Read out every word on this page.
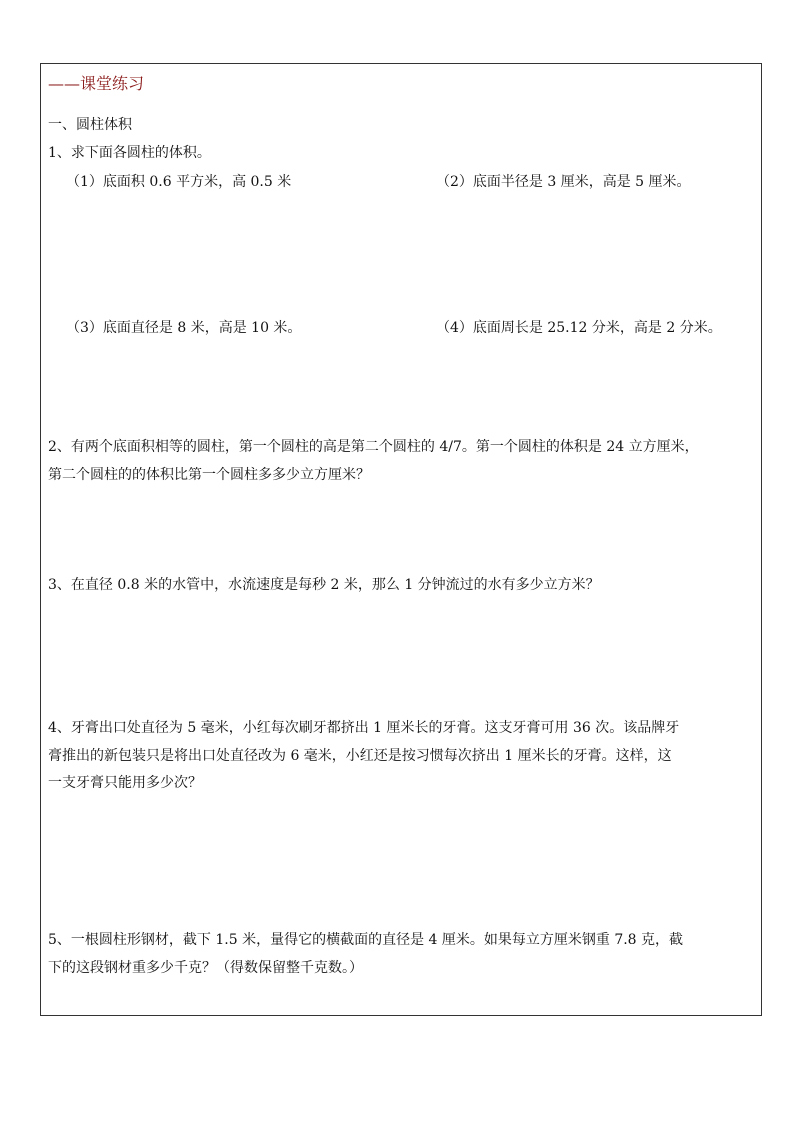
——课堂练习
一、圆柱体积
1、求下面各圆柱的体积。
（1）底面积 0.6 平方米，高 0.5 米	（2）底面半径是 3 厘米，高是 5 厘米。
（3）底面直径是 8 米，高是 10 米。	（4）底面周长是 25.12 分米，高是 2 分米。
2、有两个底面积相等的圆柱，第一个圆柱的高是第二个圆柱的 4/7。第一个圆柱的体积是 24 立方厘米，
第二个圆柱的的体积比第一个圆柱多多少立方厘米？
3、在直径 0.8 米的水管中，水流速度是每秒 2 米，那么 1 分钟流过的水有多少立方米？
4、牙膏出口处直径为 5 毫米，小红每次刷牙都挤出 1 厘米长的牙膏。这支牙膏可用 36 次。该品牌牙
膏推出的新包装只是将出口处直径改为 6 毫米，小红还是按习惯每次挤出 1 厘米长的牙膏。这样，这
一支牙膏只能用多少次？
5、一根圆柱形钢材，截下 1.5 米，量得它的横截面的直径是 4 厘米。如果每立方厘米钢重 7.8 克，截
下的这段钢材重多少千克？（得数保留整千克数。）
